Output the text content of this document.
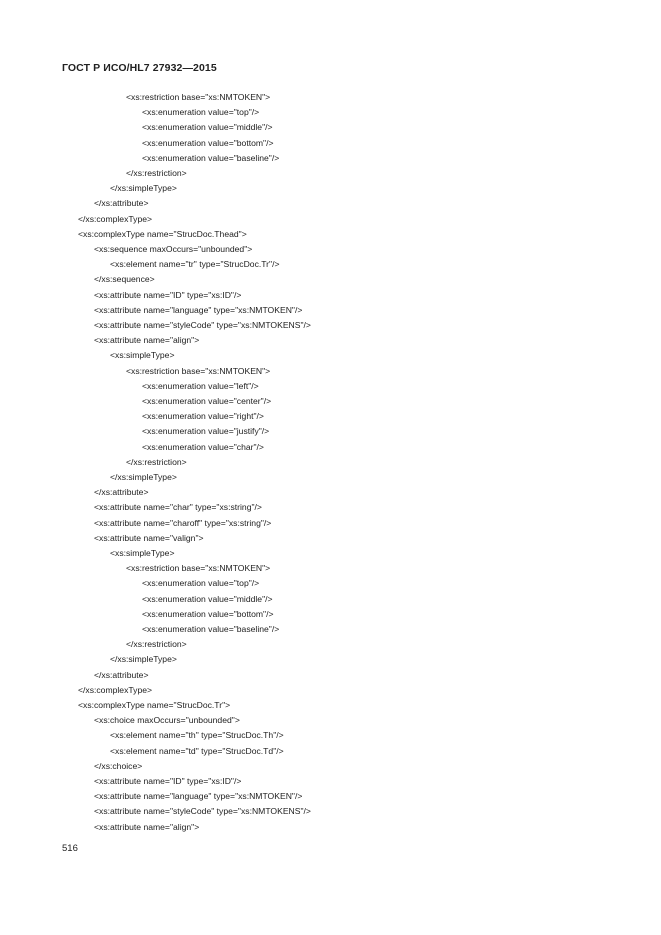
ГОСТ Р ИСО/HL7 27932—2015
<xs:restriction base="xs:NMTOKEN">
<xs:enumeration value="top"/>
<xs:enumeration value="middle"/>
<xs:enumeration value="bottom"/>
<xs:enumeration value="baseline"/>
</xs:restriction>
</xs:simpleType>
</xs:attribute>
</xs:complexType>
<xs:complexType name="StrucDoc.Thead">
<xs:sequence maxOccurs="unbounded">
<xs:element name="tr" type="StrucDoc.Tr"/>
</xs:sequence>
<xs:attribute name="ID" type="xs:ID"/>
<xs:attribute name="language" type="xs:NMTOKEN"/>
<xs:attribute name="styleCode" type="xs:NMTOKENS"/>
<xs:attribute name="align">
<xs:simpleType>
<xs:restriction base="xs:NMTOKEN">
<xs:enumeration value="left"/>
<xs:enumeration value="center"/>
<xs:enumeration value="right"/>
<xs:enumeration value="justify"/>
<xs:enumeration value="char"/>
</xs:restriction>
</xs:simpleType>
</xs:attribute>
<xs:attribute name="char" type="xs:string"/>
<xs:attribute name="charoff" type="xs:string"/>
<xs:attribute name="valign">
<xs:simpleType>
<xs:restriction base="xs:NMTOKEN">
<xs:enumeration value="top"/>
<xs:enumeration value="middle"/>
<xs:enumeration value="bottom"/>
<xs:enumeration value="baseline"/>
</xs:restriction>
</xs:simpleType>
</xs:attribute>
</xs:complexType>
<xs:complexType name="StrucDoc.Tr">
<xs:choice maxOccurs="unbounded">
<xs:element name="th" type="StrucDoc.Th"/>
<xs:element name="td" type="StrucDoc.Td"/>
</xs:choice>
<xs:attribute name="ID" type="xs:ID"/>
<xs:attribute name="language" type="xs:NMTOKEN"/>
<xs:attribute name="styleCode" type="xs:NMTOKENS"/>
<xs:attribute name="align">
516
